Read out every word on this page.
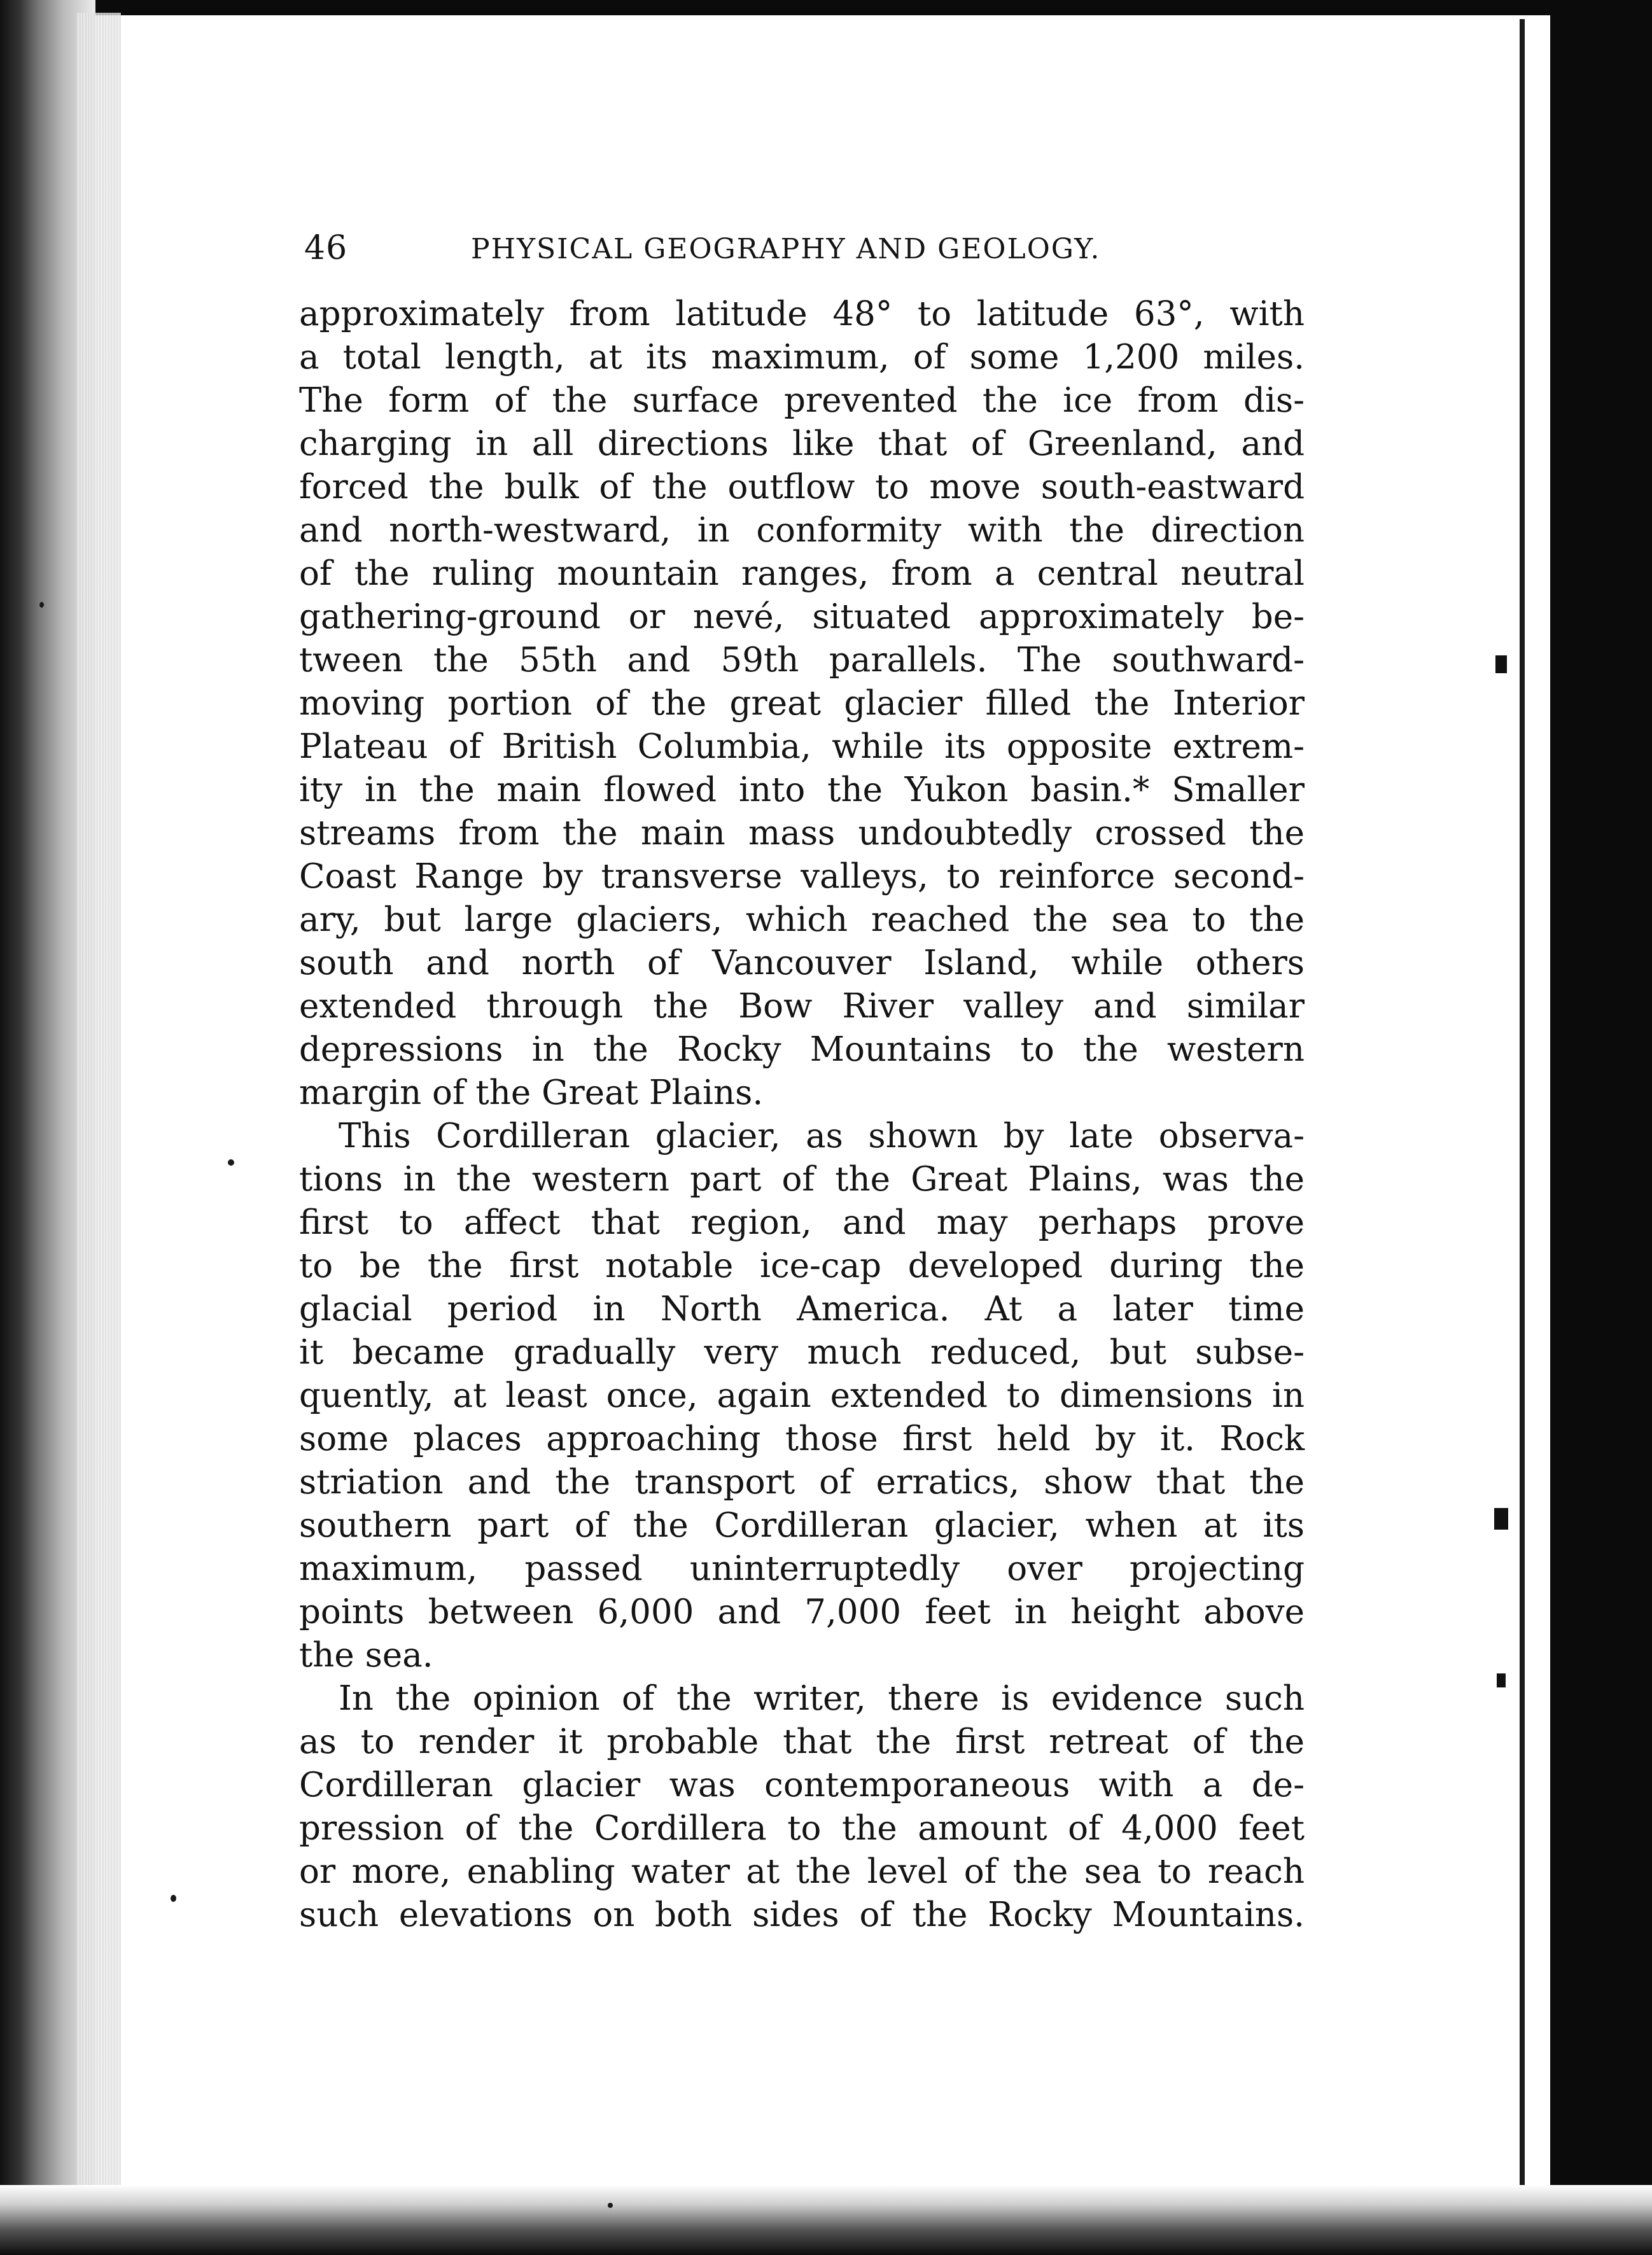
46	PHYSICAL GEOGRAPHY AND GEOLOGY.

approximately from latitude 48° to latitude 63°, with
a total length, at its maximum, of some 1,200 miles.
The form of the surface prevented the ice from dis-
charging in all directions like that of Greenland, and
forced the bulk of the outflow to move south-eastward
and north-westward, in conformity with the direction
of the ruling mountain ranges, from a central neutral
gathering-ground or nevé, situated approximately be-
tween the 55th and 59th parallels. The southward-
moving portion of the great glacier filled the Interior
Plateau of British Columbia, while its opposite extrem-
ity in the main flowed into the Yukon basin.* Smaller
streams from the main mass undoubtedly crossed the
Coast Range by transverse valleys, to reinforce second-
ary, but large glaciers, which reached the sea to the
south and north of Vancouver Island, while others
extended through the Bow River valley and similar
depressions in the Rocky Mountains to the western
margin of the Great Plains.

This Cordilleran glacier, as shown by late observa-
tions in the western part of the Great Plains, was the
first to affect that region, and may perhaps prove
to be the first notable ice-cap developed during the
glacial period in North America. At a later time
it became gradually very much reduced, but subse-
quently, at least once, again extended to dimensions in
some places approaching those first held by it. Rock
striation and the transport of erratics, show that the
southern part of the Cordilleran glacier, when at its
maximum, passed uninterruptedly over projecting
points between 6,000 and 7,000 feet in height above
the sea.

In the opinion of the writer, there is evidence such
as to render it probable that the first retreat of the
Cordilleran glacier was contemporaneous with a de-
pression of the Cordillera to the amount of 4,000 feet
or more, enabling water at the level of the sea to reach
such elevations on both sides of the Rocky Mountains.
